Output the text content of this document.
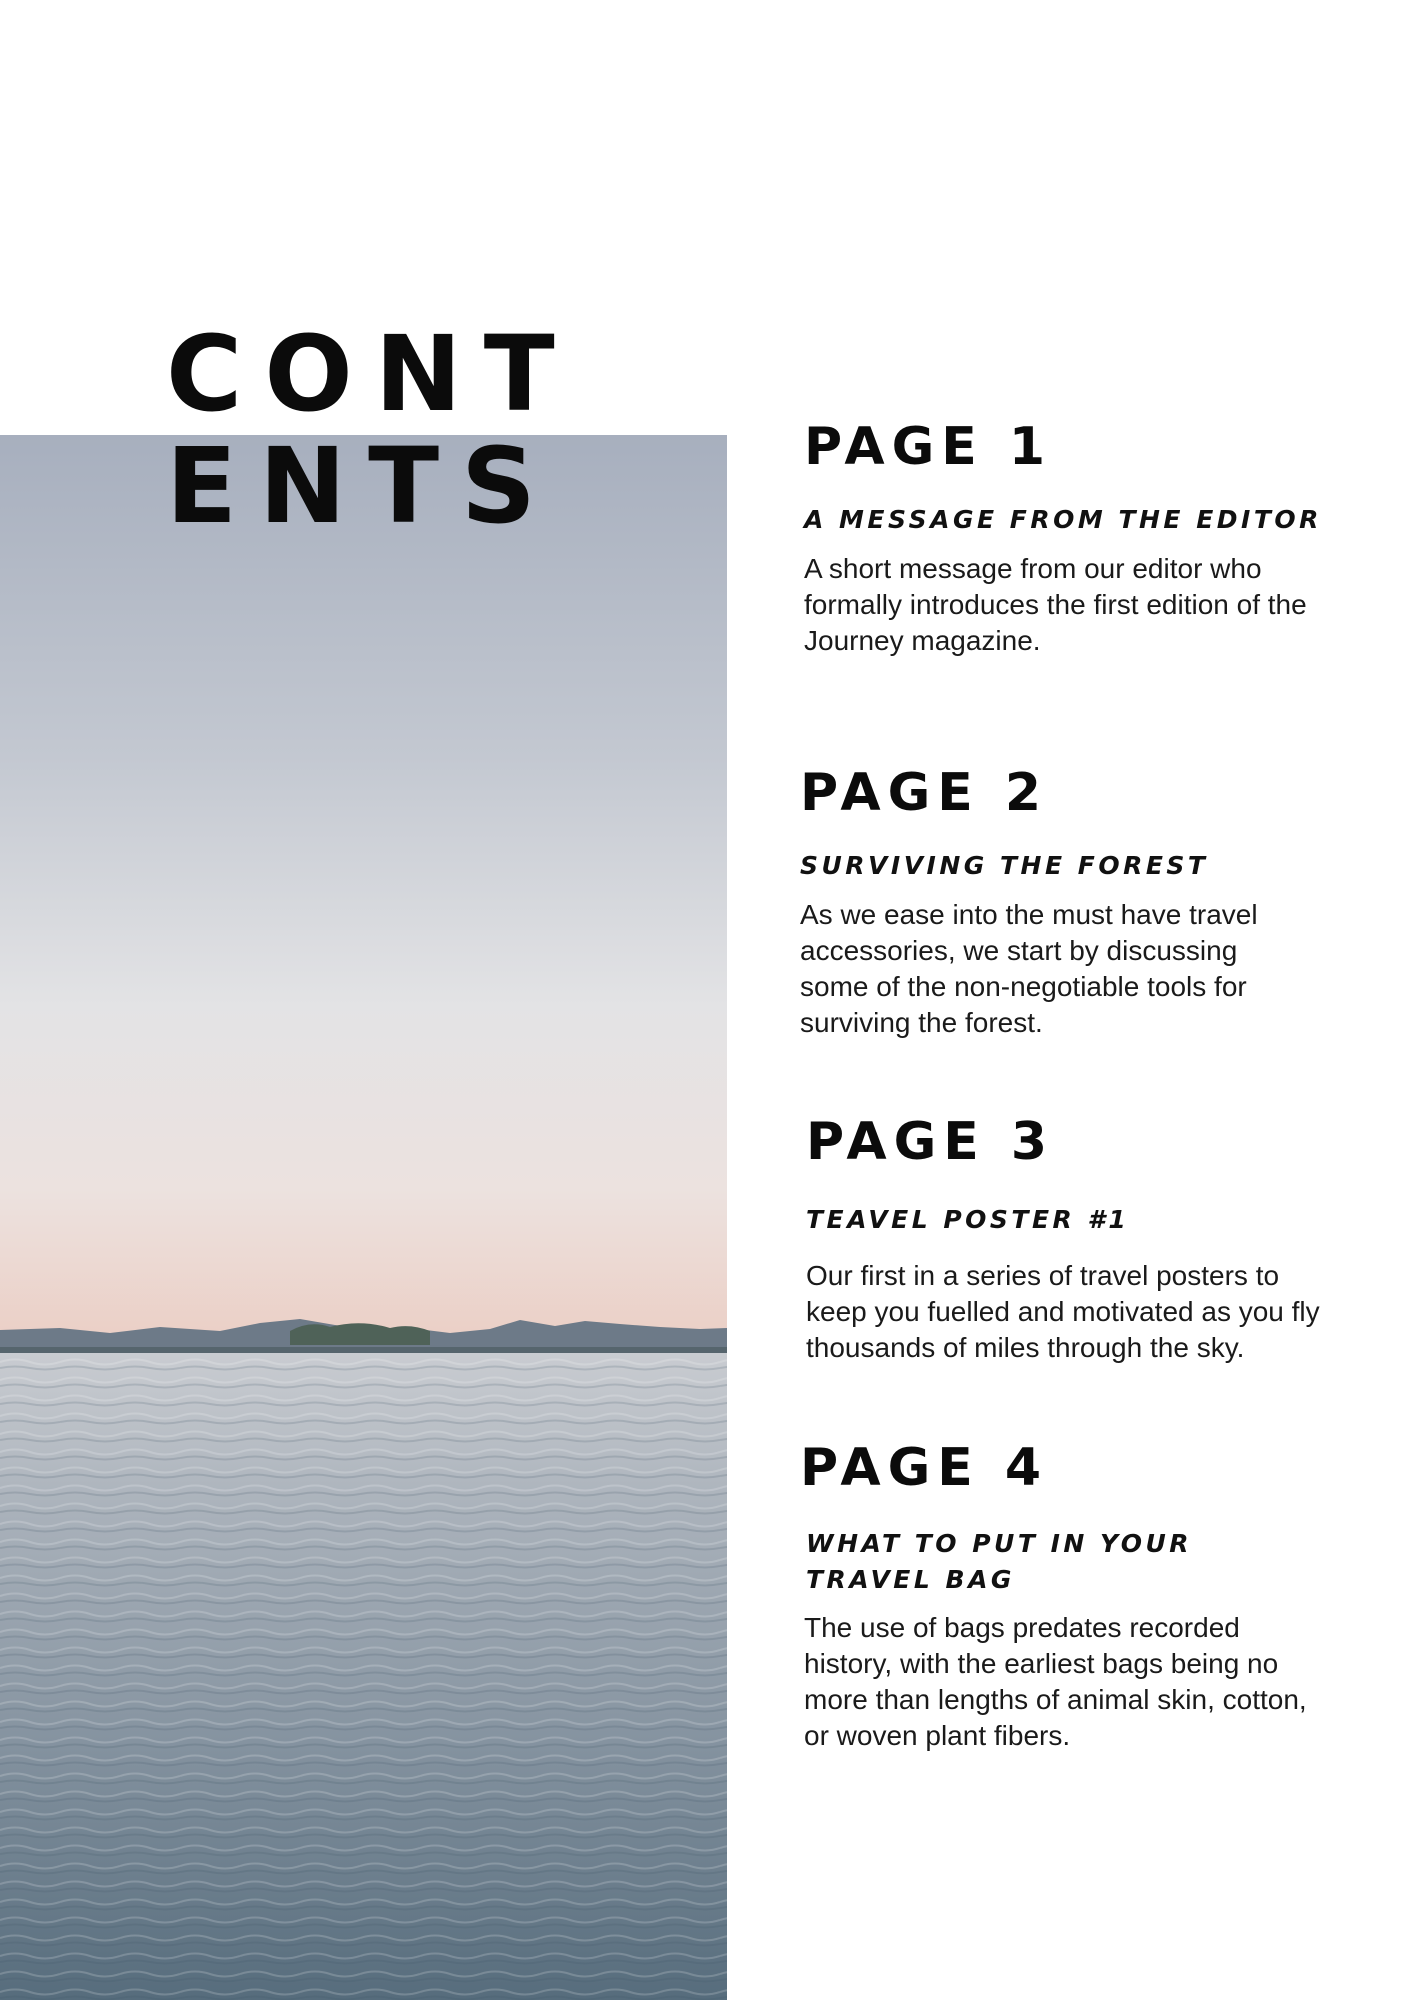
CONT
ENTS	PAGE 1

A MESSAGE FROM THE EDITOR

A short message from our editor who formally introduces the first edition of the Journey magazine.

PAGE 2

SURVIVING THE FOREST

As we ease into the must have travel accessories, we start by discussing some of the non-negotiable tools for surviving the forest.

PAGE 3

TEAVEL POSTER #1

Our first in a series of travel posters to keep you fuelled and motivated as you fly thousands of miles through the sky.

PAGE 4

WHAT TO PUT IN YOUR TRAVEL BAG

The use of bags predates recorded history, with the earliest bags being no more than lengths of animal skin, cotton, or woven plant fibers.
